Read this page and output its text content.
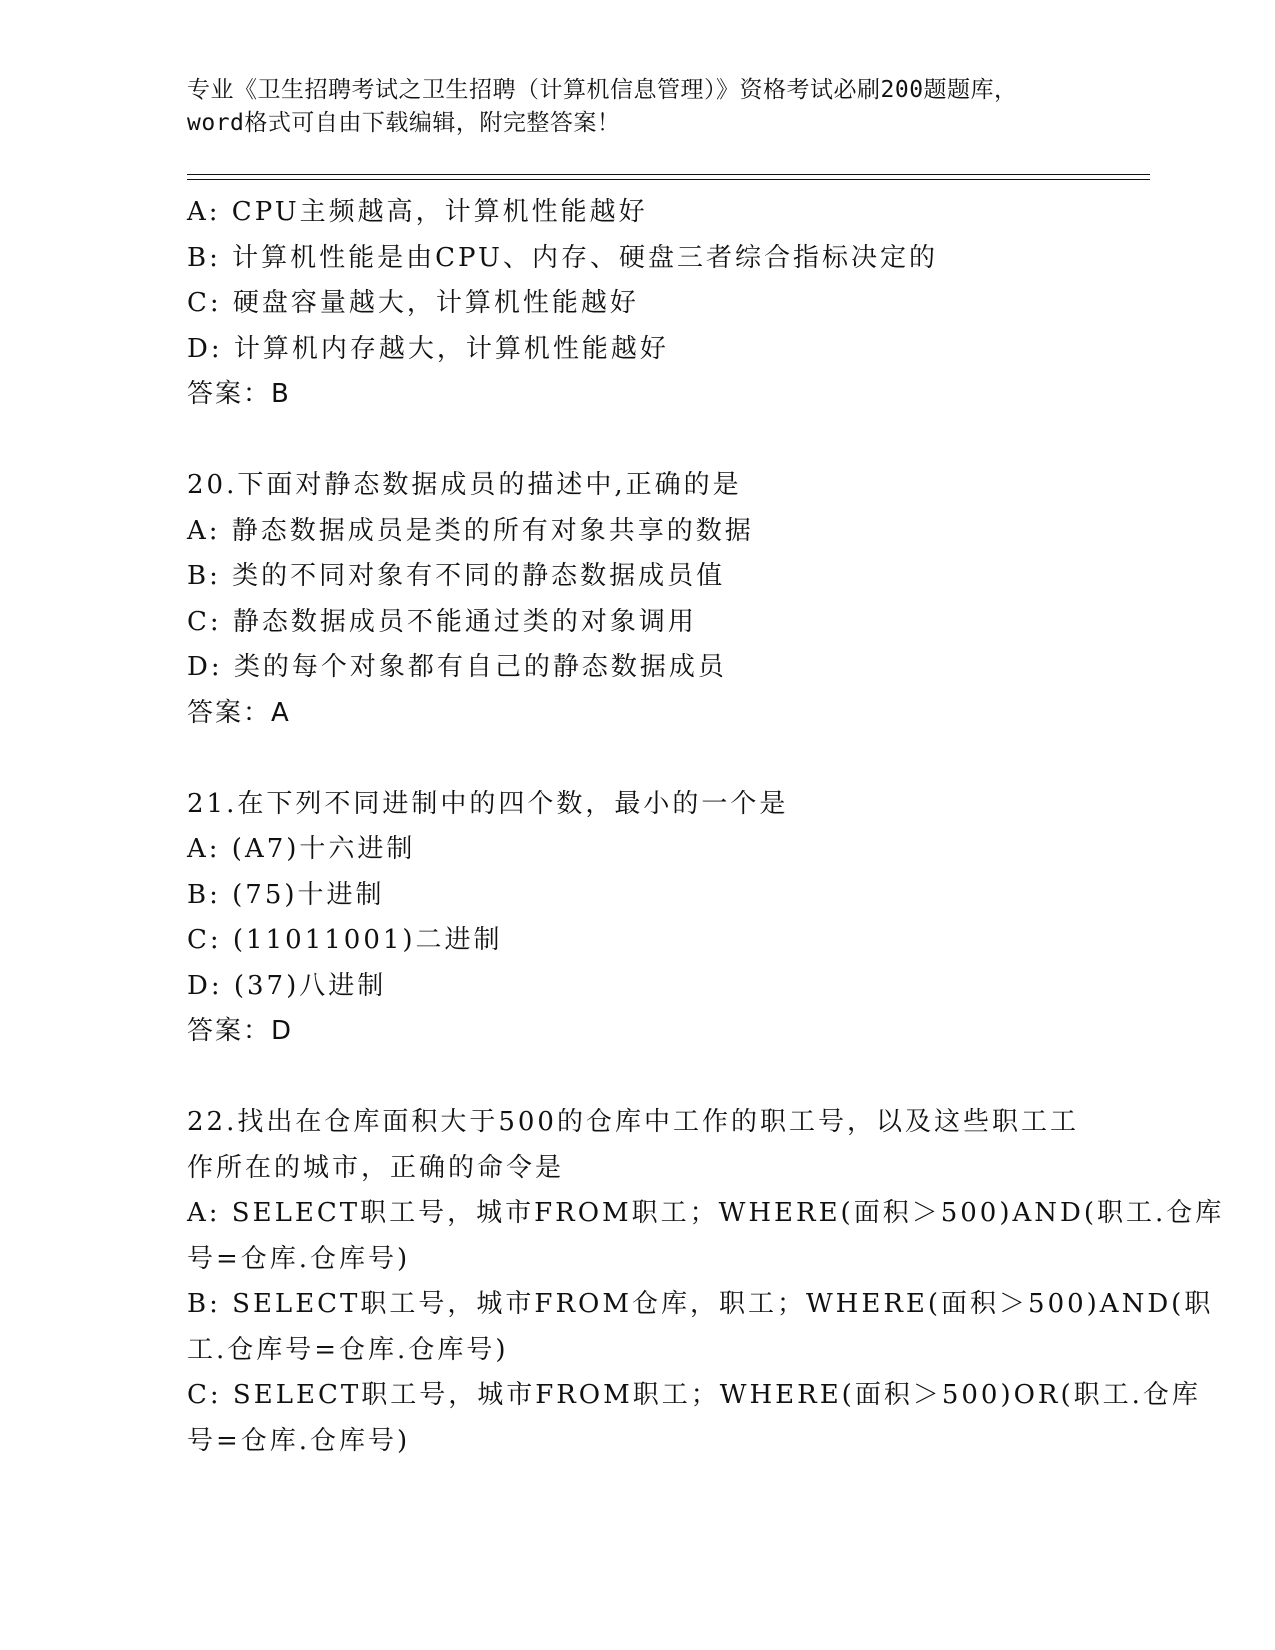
专业《卫生招聘考试之卫生招聘（计算机信息管理）》资格考试必刷200题题库，
word格式可自由下载编辑，附完整答案！
A: CPU主频越高，计算机性能越好
B: 计算机性能是由CPU、内存、硬盘三者综合指标决定的
C: 硬盘容量越大，计算机性能越好
D: 计算机内存越大，计算机性能越好
答案：B
20.下面对静态数据成员的描述中,正确的是
A: 静态数据成员是类的所有对象共享的数据
B: 类的不同对象有不同的静态数据成员值
C: 静态数据成员不能通过类的对象调用
D: 类的每个对象都有自己的静态数据成员
答案：A
21.在下列不同进制中的四个数，最小的一个是
A: (A7)十六进制
B: (75)十进制
C: (11011001)二进制
D: (37)八进制
答案：D
22.找出在仓库面积大于500的仓库中工作的职工号，以及这些职工工
作所在的城市，正确的命令是
A: SELECT职工号，城市FROM职工；WHERE(面积＞500)AND(职工.仓库
号=仓库.仓库号)
B: SELECT职工号，城市FROM仓库，职工；WHERE(面积＞500)AND(职
工.仓库号=仓库.仓库号)
C: SELECT职工号，城市FROM职工；WHERE(面积＞500)OR(职工.仓库
号=仓库.仓库号)
